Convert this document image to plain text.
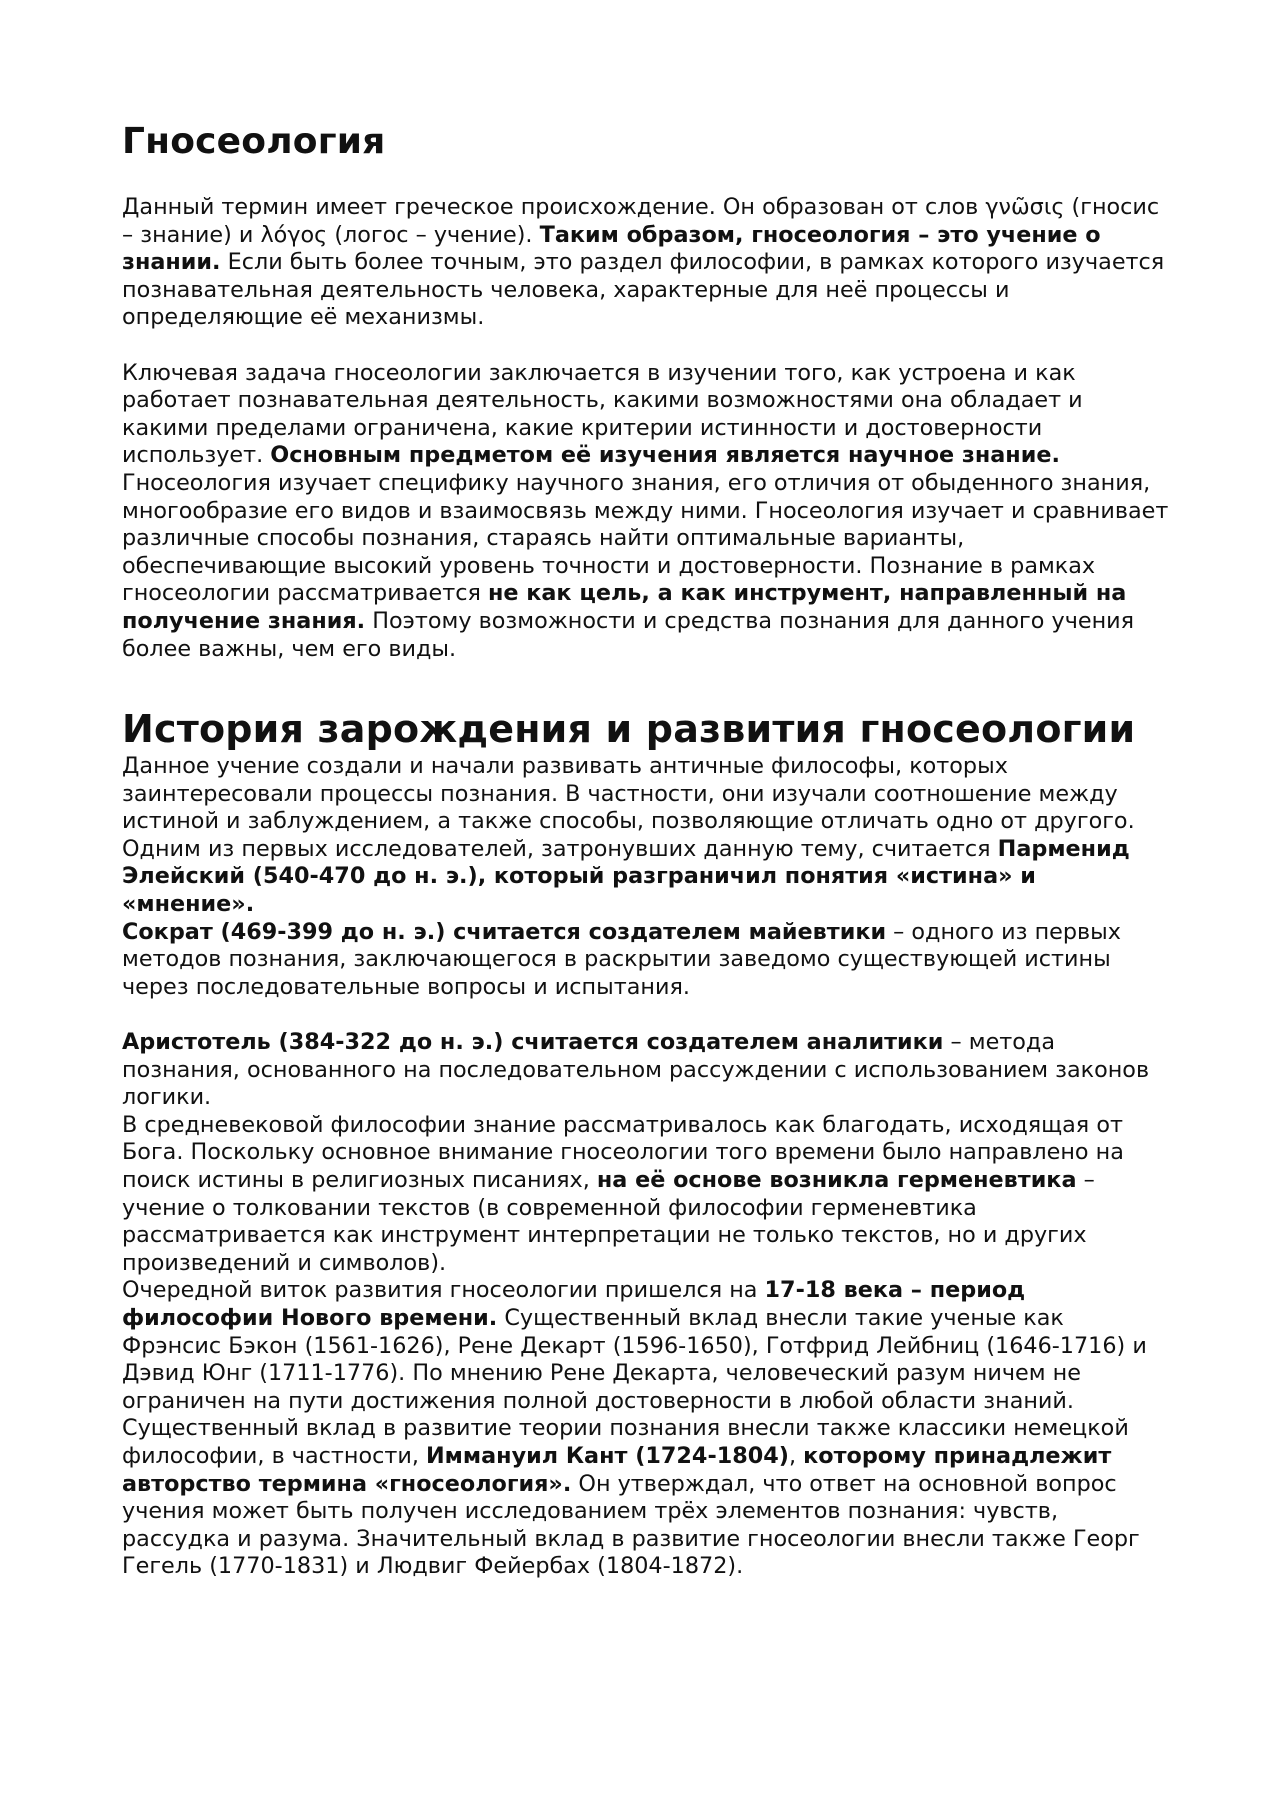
Гносеология

Данный термин имеет греческое происхождение. Он образован от слов γνῶσις (гносис – знание) и λόγος (логос – учение). Таким образом, гносеология – это учение о знании. Если быть более точным, это раздел философии, в рамках которого изучается познавательная деятельность человека, характерные для неё процессы и определяющие её механизмы.

Ключевая задача гносеологии заключается в изучении того, как устроена и как работает познавательная деятельность, какими возможностями она обладает и какими пределами ограничена, какие критерии истинности и достоверности использует. Основным предметом её изучения является научное знание. Гносеология изучает специфику научного знания, его отличия от обыденного знания, многообразие его видов и взаимосвязь между ними. Гносеология изучает и сравнивает различные способы познания, стараясь найти оптимальные варианты, обеспечивающие высокий уровень точности и достоверности. Познание в рамках гносеологии рассматривается не как цель, а как инструмент, направленный на получение знания. Поэтому возможности и средства познания для данного учения более важны, чем его виды.

История зарождения и развития гносеологии

Данное учение создали и начали развивать античные философы, которых заинтересовали процессы познания. В частности, они изучали соотношение между истиной и заблуждением, а также способы, позволяющие отличать одно от другого. Одним из первых исследователей, затронувших данную тему, считается Парменид Элейский (540-470 до н. э.), который разграничил понятия «истина» и «мнение».

Сократ (469-399 до н. э.) считается создателем майевтики – одного из первых методов познания, заключающегося в раскрытии заведомо существующей истины через последовательные вопросы и испытания.

Аристотель (384-322 до н. э.) считается создателем аналитики – метода познания, основанного на последовательном рассуждении с использованием законов логики.

В средневековой философии знание рассматривалось как благодать, исходящая от Бога. Поскольку основное внимание гносеологии того времени было направлено на поиск истины в религиозных писаниях, на её основе возникла герменевтика – учение о толковании текстов (в современной философии герменевтика рассматривается как инструмент интерпретации не только текстов, но и других произведений и символов).

Очередной виток развития гносеологии пришелся на 17-18 века – период философии Нового времени. Существенный вклад внесли такие ученые как Фрэнсис Бэкон (1561-1626), Рене Декарт (1596-1650), Готфрид Лейбниц (1646-1716) и Дэвид Юнг (1711-1776). По мнению Рене Декарта, человеческий разум ничем не ограничен на пути достижения полной достоверности в любой области знаний.

Существенный вклад в развитие теории познания внесли также классики немецкой философии, в частности, Иммануил Кант (1724-1804), которому принадлежит авторство термина «гносеология». Он утверждал, что ответ на основной вопрос учения может быть получен исследованием трёх элементов познания: чувств, рассудка и разума. Значительный вклад в развитие гносеологии внесли также Георг Гегель (1770-1831) и Людвиг Фейербах (1804-1872).
